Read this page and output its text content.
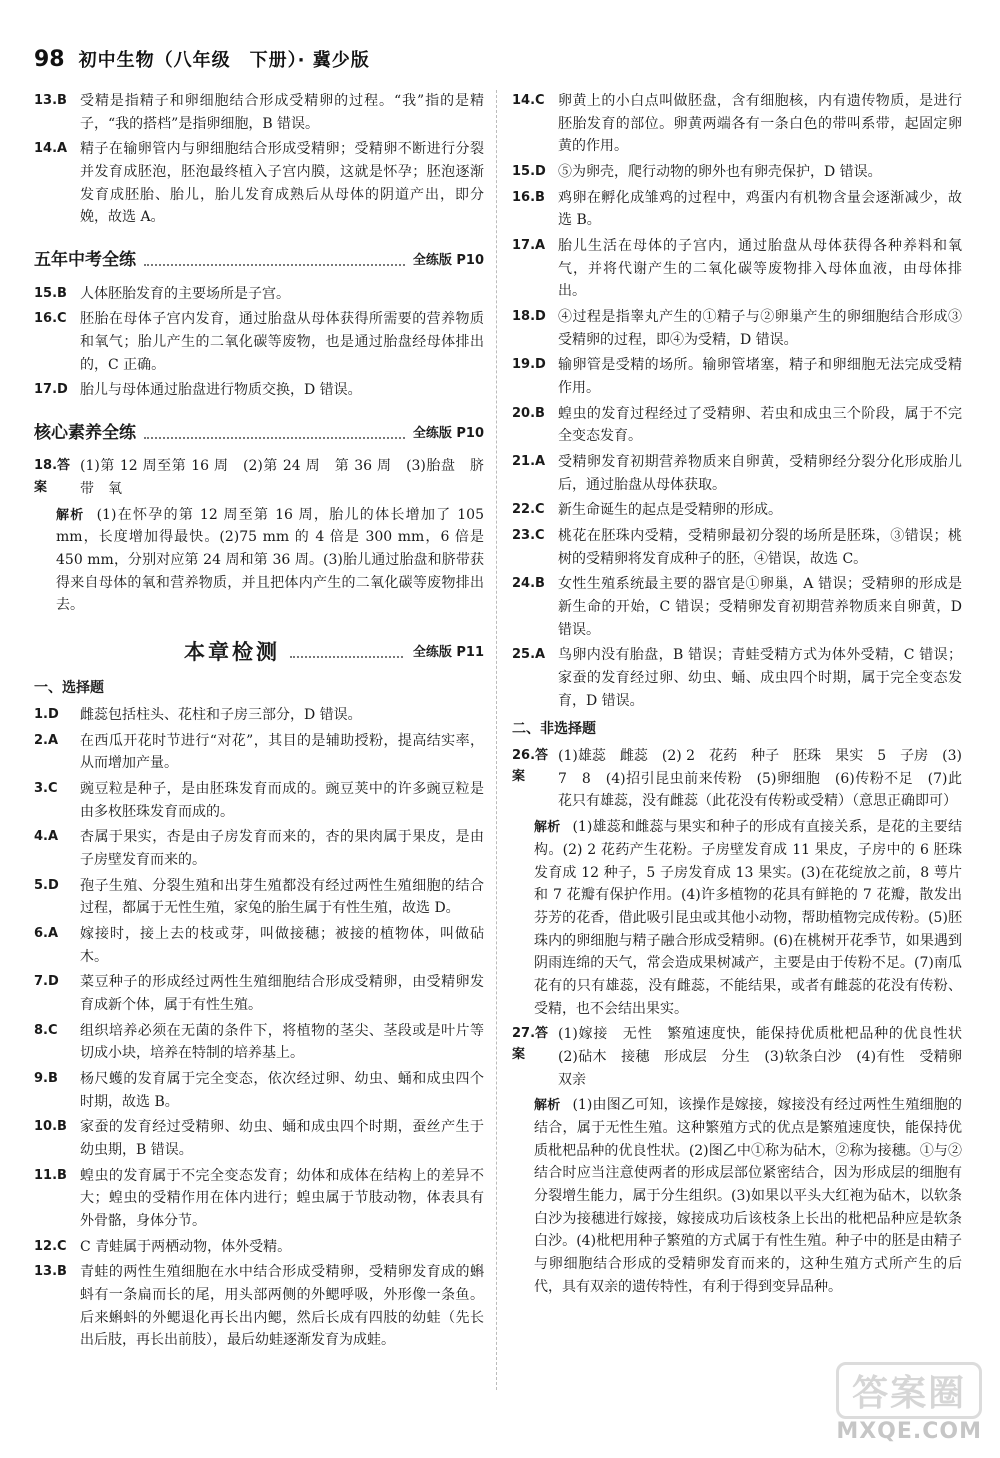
98 初中生物（八年级　下册）· 冀少版
13.B 受精是指精子和卵细胞结合形成受精卵的过程。“我”指的是精子，“我的搭档”是指卵细胞，B 错误。
14.A 精子在输卵管内与卵细胞结合形成受精卵；受精卵不断进行分裂并发育成胚泡，胚泡最终植入子宫内膜，这就是怀孕；胚泡逐渐发育成胚胎、胎儿，胎儿发育成熟后从母体的阴道产出，即分娩，故选 A。
五年中考全练	全练版 P10
15.B 人体胚胎发育的主要场所是子宫。
16.C 胚胎在母体子宫内发育，通过胎盘从母体获得所需要的营养物质和氧气；胎儿产生的二氧化碳等废物，也是通过胎盘经母体排出的，C 正确。
17.D 胎儿与母体通过胎盘进行物质交换，D 错误。
核心素养全练	全练版 P10
18.答案
(1)第 12 周至第 16 周　(2)第 24 周　第 36 周　(3)胎盘　脐带　氧
解析 (1)在怀孕的第 12 周至第 16 周，胎儿的体长增加了 105 mm，长度增加得最快。(2)75 mm 的 4 倍是 300 mm，6 倍是 450 mm，分别对应第 24 周和第 36 周。(3)胎儿通过胎盘和脐带获得来自母体的氧和营养物质，并且把体内产生的二氧化碳等废物排出去。
本章检测	全练版 P11
一、选择题
1.D	雌蕊包括柱头、花柱和子房三部分，D 错误。
2.A	在西瓜开花时节进行“对花”，其目的是辅助授粉，提高结实率，从而增加产量。
3.C	豌豆粒是种子，是由胚珠发育而成的。豌豆荚中的许多豌豆粒是由多枚胚珠发育而成的。
4.A	杏属于果实，杏是由子房发育而来的，杏的果肉属于果皮，是由子房壁发育而来的。
5.D	孢子生殖、分裂生殖和出芽生殖都没有经过两性生殖细胞的结合过程，都属于无性生殖，家兔的胎生属于有性生殖，故选 D。
6.A	嫁接时，接上去的枝或芽，叫做接穗；被接的植物体，叫做砧木。
7.D	菜豆种子的形成经过两性生殖细胞结合形成受精卵，由受精卵发育成新个体，属于有性生殖。
8.C	组织培养必须在无菌的条件下，将植物的茎尖、茎段或是叶片等切成小块，培养在特制的培养基上。
9.B	杨尺蠖的发育属于完全变态，依次经过卵、幼虫、蛹和成虫四个时期，故选 B。
10.B 家蚕的发育经过受精卵、幼虫、蛹和成虫四个时期，蚕丝产生于幼虫期，B 错误。
11.B 蝗虫的发育属于不完全变态发育；幼体和成体在结构上的差异不大；蝗虫的受精作用在体内进行；蝗虫属于节肢动物，体表具有外骨骼，身体分节。
12.C C 青蛙属于两栖动物，体外受精。
13.B 青蛙的两性生殖细胞在水中结合形成受精卵，受精卵发育成的蝌蚪有一条扁而长的尾，用头部两侧的外鳃呼吸，外形像一条鱼。后来蝌蚪的外鳃退化再长出内鳃，然后长成有四肢的幼蛙（先长出后肢，再长出前肢），最后幼蛙逐渐发育为成蛙。
14.C 卵黄上的小白点叫做胚盘，含有细胞核，内有遗传物质，是进行胚胎发育的部位。卵黄两端各有一条白色的带叫系带，起固定卵黄的作用。
15.D ⑤为卵壳，爬行动物的卵外也有卵壳保护，D 错误。
16.B 鸡卵在孵化成雏鸡的过程中，鸡蛋内有机物含量会逐渐减少，故选 B。
17.A 胎儿生活在母体的子宫内，通过胎盘从母体获得各种养料和氧气，并将代谢产生的二氧化碳等废物排入母体血液，由母体排出。
18.D ④过程是指睾丸产生的①精子与②卵巢产生的卵细胞结合形成③受精卵的过程，即④为受精，D 错误。
19.D 输卵管是受精的场所。输卵管堵塞，精子和卵细胞无法完成受精作用。
20.B 蝗虫的发育过程经过了受精卵、若虫和成虫三个阶段，属于不完全变态发育。
21.A 受精卵发育初期营养物质来自卵黄，受精卵经分裂分化形成胎儿后，通过胎盘从母体获取。
22.C 新生命诞生的起点是受精卵的形成。
23.C 桃花在胚珠内受精，受精卵最初分裂的场所是胚珠，③错误；桃树的受精卵将发育成种子的胚，④错误，故选 C。
24.B 女性生殖系统最主要的器官是①卵巢，A 错误；受精卵的形成是新生命的开始，C 错误；受精卵发育初期营养物质来自卵黄，D 错误。
25.A 鸟卵内没有胎盘，B 错误；青蛙受精方式为体外受精，C 错误；家蚕的发育经过卵、幼虫、蛹、成虫四个时期，属于完全变态发育，D 错误。
二、非选择题
26.答案
(1)雄蕊　雌蕊　(2) 2　花药　种子　胚珠　果实　5　子房　(3) 7　8　(4)招引昆虫前来传粉　(5)卵细胞　(6)传粉不足　(7)此花只有雄蕊，没有雌蕊（此花没有传粉或受精）（意思正确即可）
解析 (1)雄蕊和雌蕊与果实和种子的形成有直接关系，是花的主要结构。(2) 2 花药产生花粉。子房壁发育成 11 果皮，子房中的 6 胚珠发育成 12 种子，5 子房发育成 13 果实。(3)在花绽放之前，8 萼片和 7 花瓣有保护作用。(4)许多植物的花具有鲜艳的 7 花瓣，散发出芬芳的花香，借此吸引昆虫或其他小动物，帮助植物完成传粉。(5)胚珠内的卵细胞与精子融合形成受精卵。(6)在桃树开花季节，如果遇到阴雨连绵的天气，常会造成果树减产，主要是由于传粉不足。(7)南瓜花有的只有雄蕊，没有雌蕊，不能结果，或者有雌蕊的花没有传粉、受精，也不会结出果实。
27.答案
(1)嫁接　无性　繁殖速度快，能保持优质枇杷品种的优良性状　(2)砧木　接穗　形成层　分生　(3)软条白沙　(4)有性　受精卵　双亲
解析 (1)由图乙可知，该操作是嫁接，嫁接没有经过两性生殖细胞的结合，属于无性生殖。这种繁殖方式的优点是繁殖速度快，能保持优质枇杷品种的优良性状。(2)图乙中①称为砧木，②称为接穗。①与②结合时应当注意使两者的形成层部位紧密结合，因为形成层的细胞有分裂增生能力，属于分生组织。(3)如果以平头大红袍为砧木，以软条白沙为接穗进行嫁接，嫁接成功后该枝条上长出的枇杷品种应是软条白沙。(4)枇杷用种子繁殖的方式属于有性生殖。种子中的胚是由精子与卵细胞结合形成的受精卵发育而来的，这种生殖方式所产生的后代，具有双亲的遗传特性，有利于得到变异品种。
答案圈
MXQE.COM
